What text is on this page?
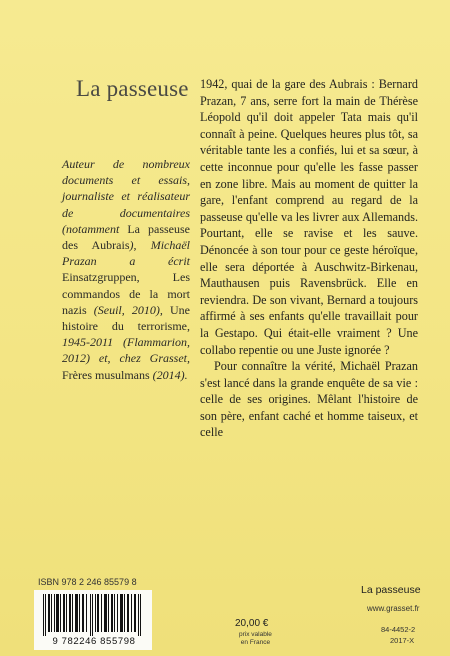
La passeuse
Auteur de nombreux documents et essais, journaliste et réalisateur de documentaires (notamment La passeuse des Aubrais), Michaël Prazan a écrit Einsatzgruppen, Les commandos de la mort nazis (Seuil, 2010), Une histoire du terrorisme, 1945-2011 (Flammarion, 2012) et, chez Grasset, Frères musulmans (2014).

1942, quai de la gare des Aubrais : Bernard Prazan, 7 ans, serre fort la main de Thérèse Léopold qu'il doit appeler Tata mais qu'il connaît à peine. Quelques heures plus tôt, sa véritable tante les a confiés, lui et sa sœur, à cette inconnue pour qu'elle les fasse passer en zone libre. Mais au moment de quitter la gare, l'enfant comprend au regard de la passeuse qu'elle va les livrer aux Allemands. Pourtant, elle se ravise et les sauve. Dénoncée à son tour pour ce geste héroïque, elle sera déportée à Auschwitz-Birkenau, Mauthausen puis Ravensbrück. Elle en reviendra. De son vivant, Bernard a toujours affirmé à ses enfants qu'elle travaillait pour la Gestapo. Qui était-elle vraiment ? Une collabo repentie ou une Juste ignorée ?

Pour connaître la vérité, Michaël Prazan s'est lancé dans la grande enquête de sa vie : celle de ses origines. Mêlant l'histoire de son père, enfant caché et homme taiseux, et celle

ISBN 978 2 246 85579 8
9 782246 855798
20,00 €
prix valable
en France
La passeuse
www.grasset.fr
84-4452-2
2017-X
